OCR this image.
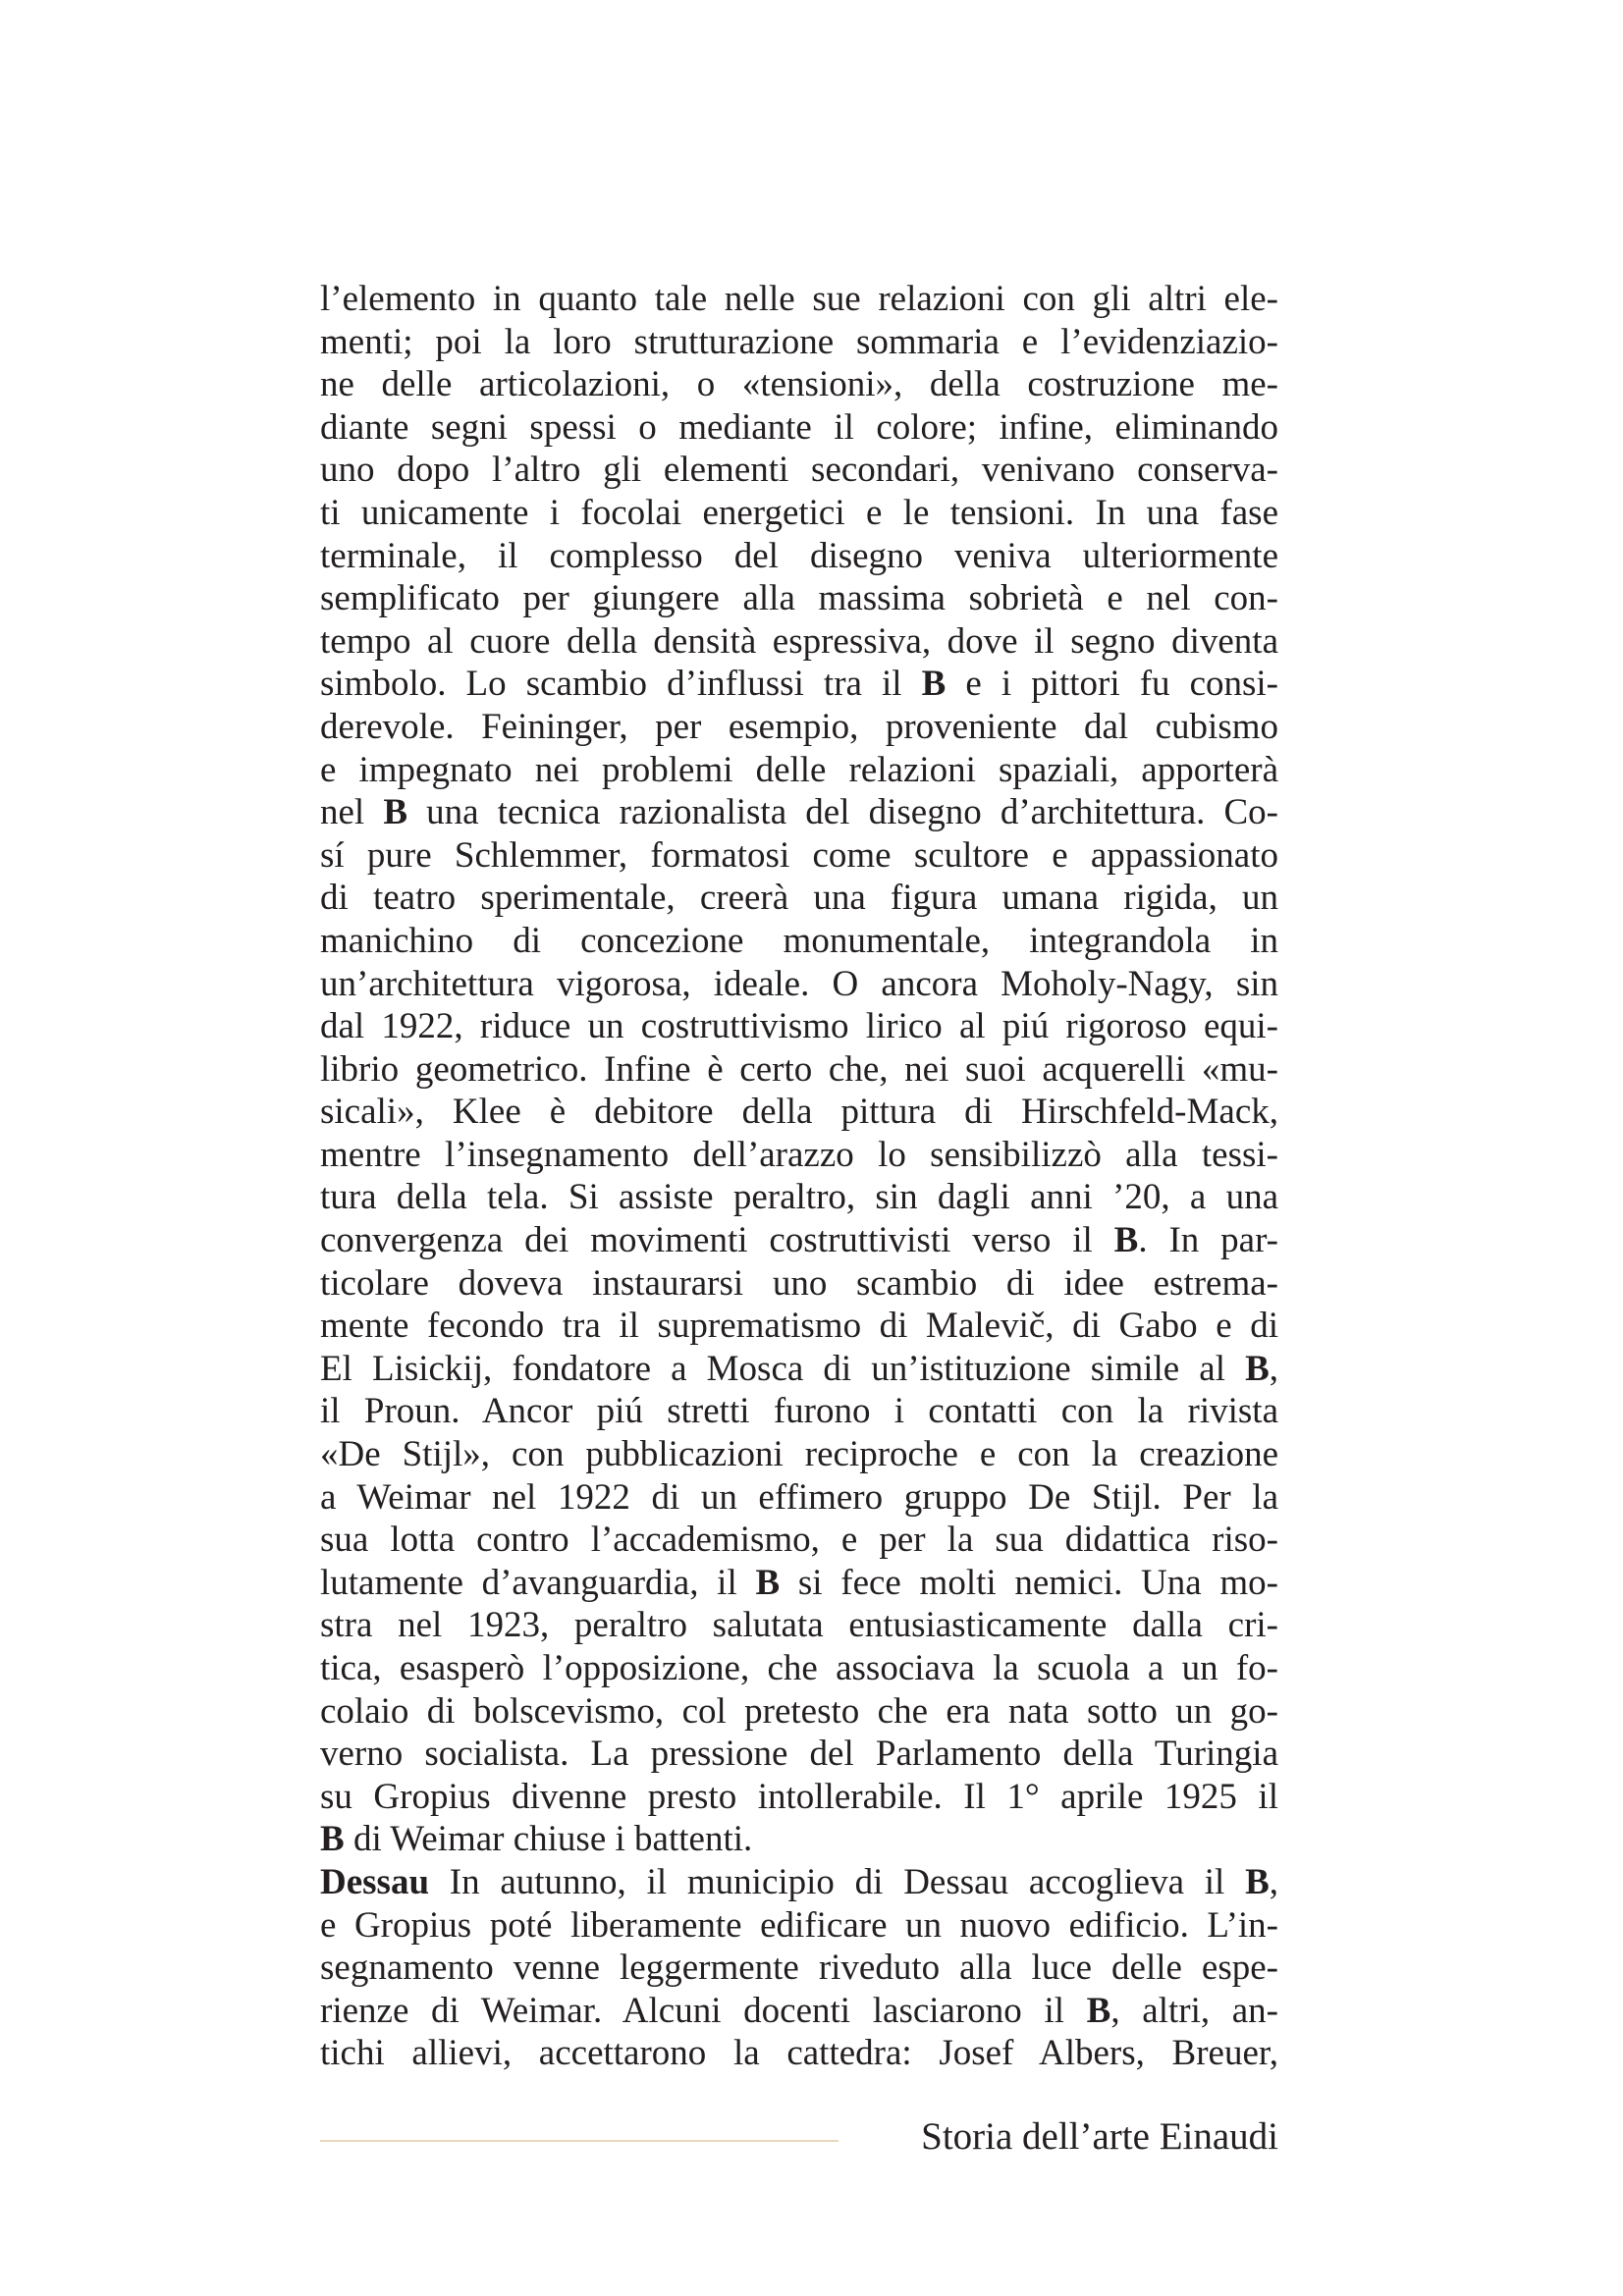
l’elemento in quanto tale nelle sue relazioni con gli altri ele-
menti; poi la loro strutturazione sommaria e l’evidenziazio-
ne delle articolazioni, o «tensioni», della costruzione me-
diante segni spessi o mediante il colore; infine, eliminando
uno dopo l’altro gli elementi secondari, venivano conserva-
ti unicamente i focolai energetici e le tensioni. In una fase
terminale, il complesso del disegno veniva ulteriormente
semplificato per giungere alla massima sobrietà e nel con-
tempo al cuore della densità espressiva, dove il segno diventa
simbolo. Lo scambio d’influssi tra il B e i pittori fu consi-
derevole. Feininger, per esempio, proveniente dal cubismo
e impegnato nei problemi delle relazioni spaziali, apporterà
nel B una tecnica razionalista del disegno d’architettura. Co-
sí pure Schlemmer, formatosi come scultore e appassionato
di teatro sperimentale, creerà una figura umana rigida, un
manichino di concezione monumentale, integrandola in
un’architettura vigorosa, ideale. O ancora Moholy-Nagy, sin
dal 1922, riduce un costruttivismo lirico al piú rigoroso equi-
librio geometrico. Infine è certo che, nei suoi acquerelli «mu-
sicali», Klee è debitore della pittura di Hirschfeld-Mack,
mentre l’insegnamento dell’arazzo lo sensibilizzò alla tessi-
tura della tela. Si assiste peraltro, sin dagli anni ’20, a una
convergenza dei movimenti costruttivisti verso il B. In par-
ticolare doveva instaurarsi uno scambio di idee estrema-
mente fecondo tra il suprematismo di Malevič, di Gabo e di
El Lisickij, fondatore a Mosca di un’istituzione simile al B,
il Proun. Ancor piú stretti furono i contatti con la rivista
«De Stijl», con pubblicazioni reciproche e con la creazione
a Weimar nel 1922 di un effimero gruppo De Stijl. Per la
sua lotta contro l’accademismo, e per la sua didattica riso-
lutamente d’avanguardia, il B si fece molti nemici. Una mo-
stra nel 1923, peraltro salutata entusiasticamente dalla cri-
tica, esasperò l’opposizione, che associava la scuola a un fo-
colaio di bolscevismo, col pretesto che era nata sotto un go-
verno socialista. La pressione del Parlamento della Turingia
su Gropius divenne presto intollerabile. Il 1° aprile 1925 il
B di Weimar chiuse i battenti.
Dessau In autunno, il municipio di Dessau accoglieva il B,
e Gropius poté liberamente edificare un nuovo edificio. L’in-
segnamento venne leggermente riveduto alla luce delle espe-
rienze di Weimar. Alcuni docenti lasciarono il B, altri, an-
tichi allievi, accettarono la cattedra: Josef Albers, Breuer,
Storia dell’arte Einaudi
